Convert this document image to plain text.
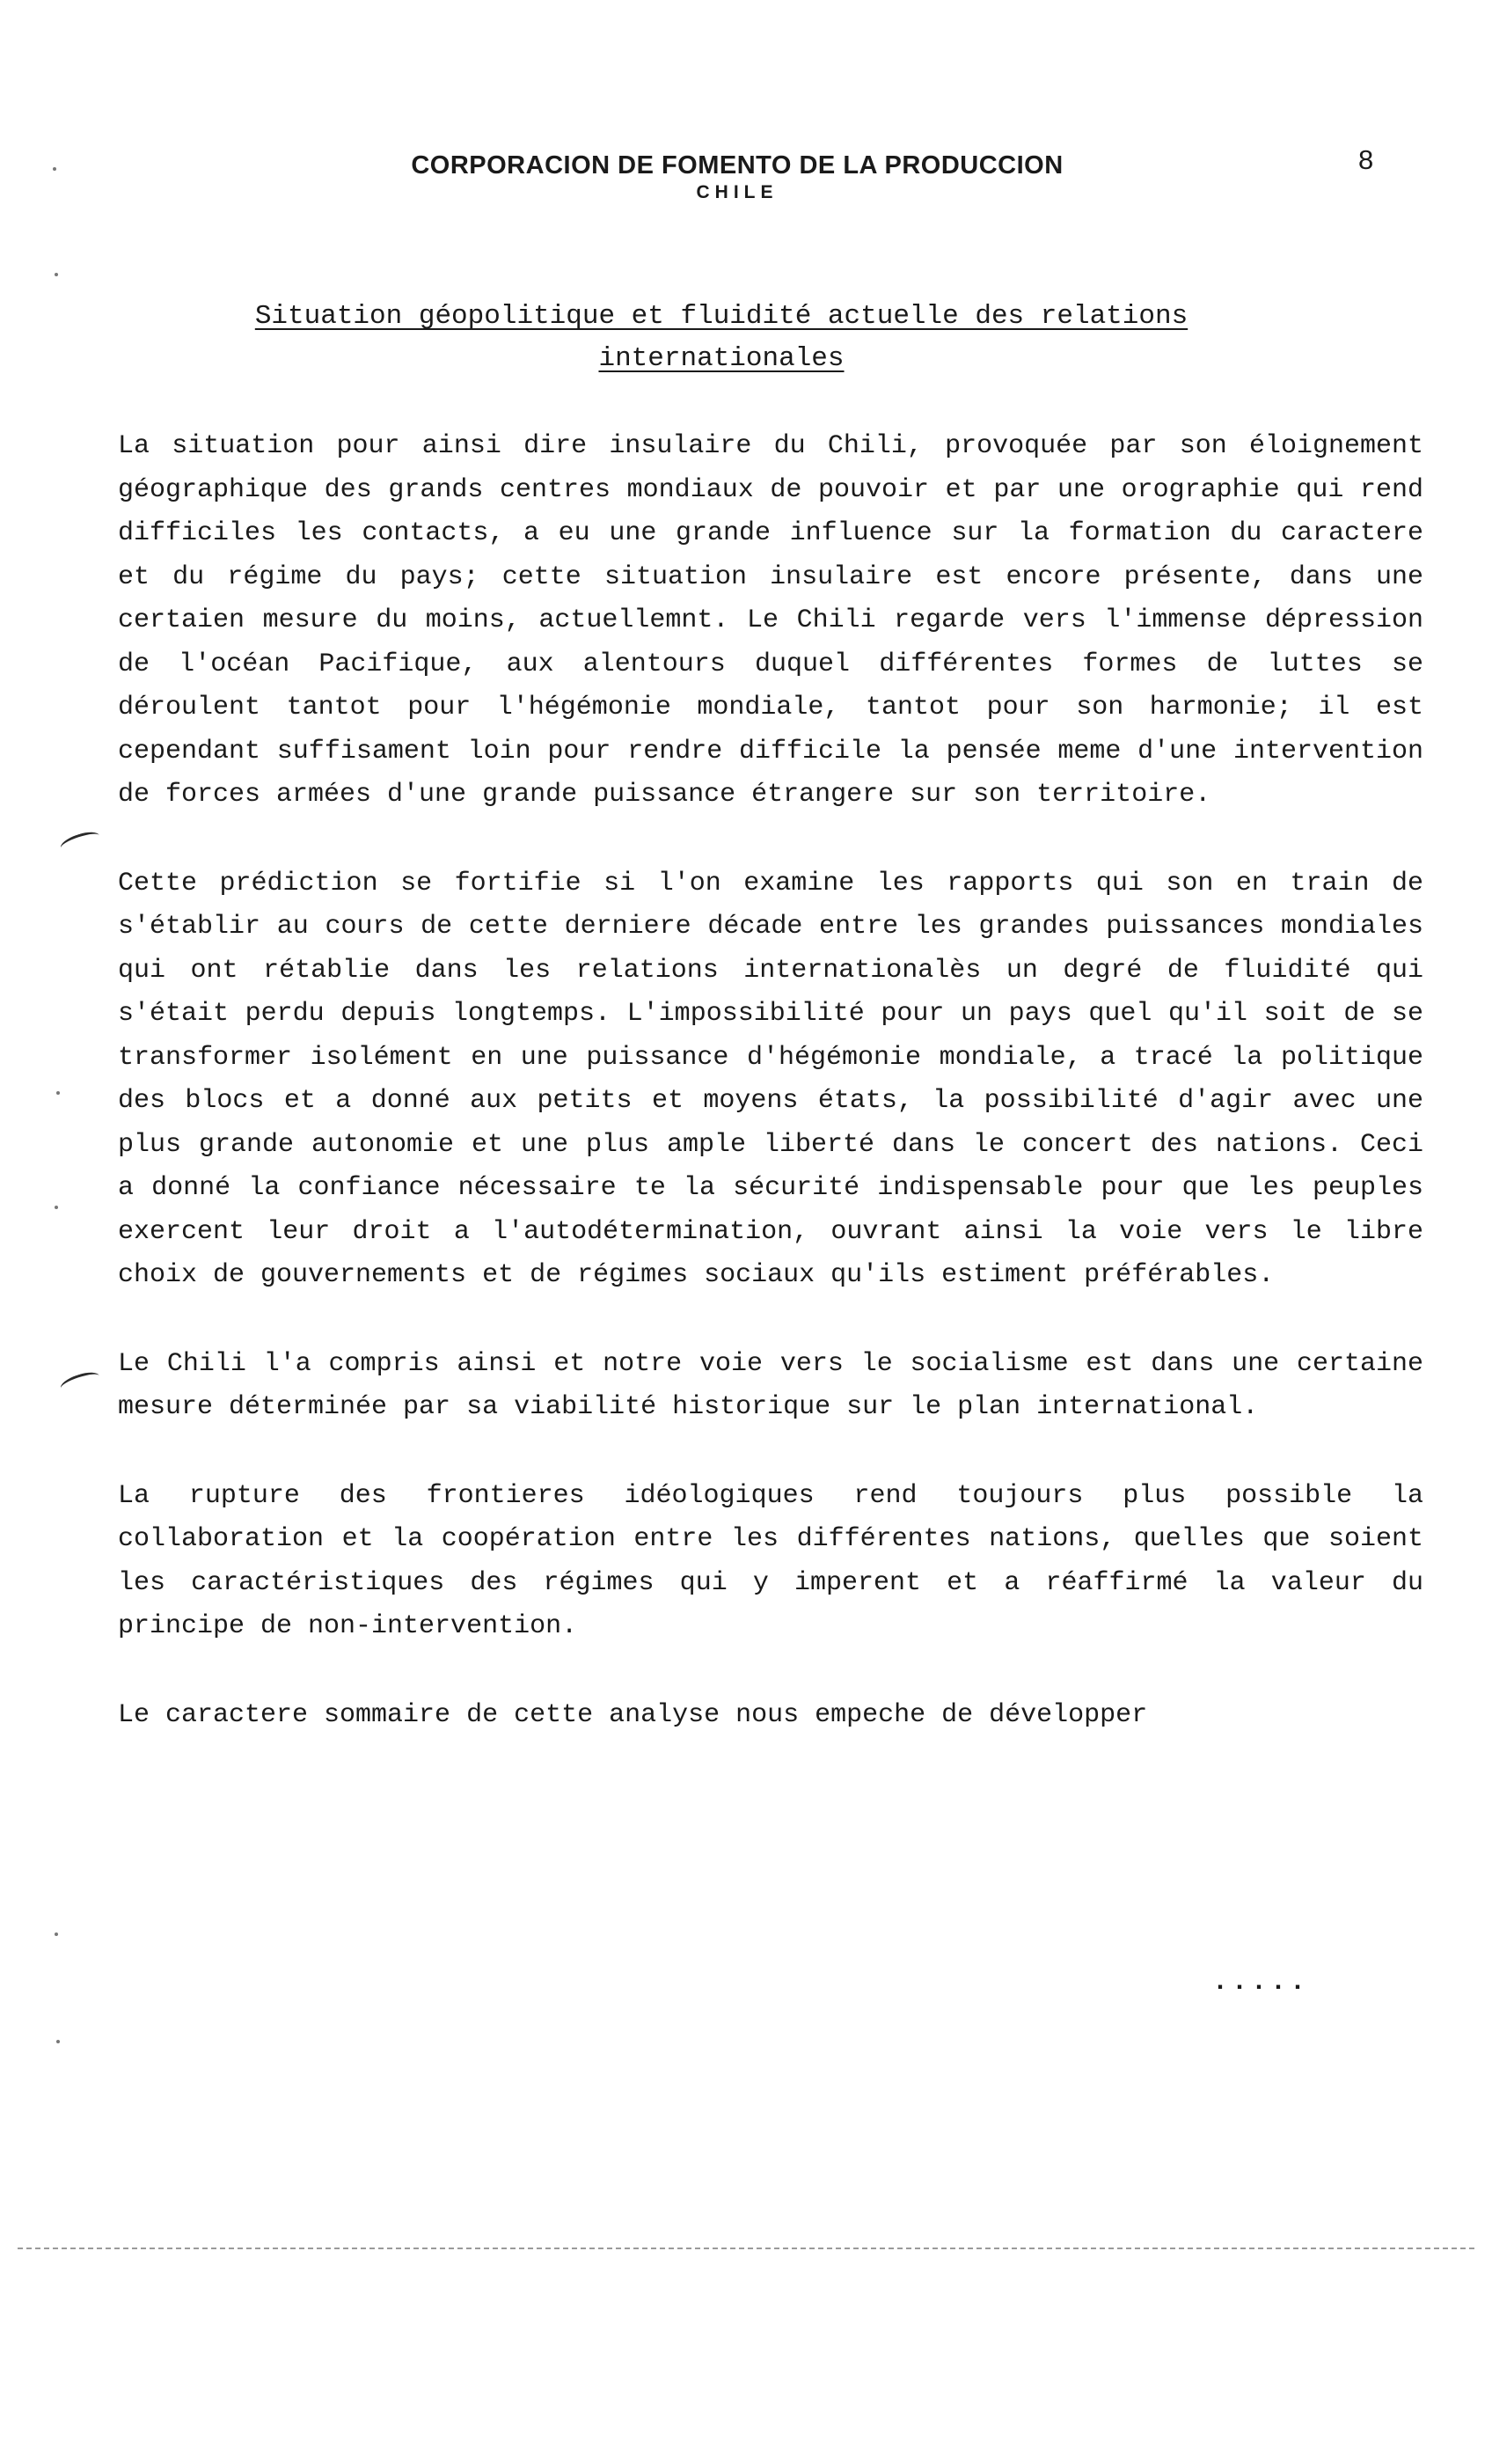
CORPORACION DE FOMENTO DE LA PRODUCCION
CHILE
8
Situation géopolitique et fluidité actuelle des relations internationales

La situation pour ainsi dire insulaire du Chili, provoquée par son éloignement géographique des grands centres mondiaux de pouvoir et par une orographie qui rend difficiles les contacts, a eu une grande influence sur la formation du caractere et du régime du pays; cette situation insulaire est encore présente, dans une certaien mesure du moins, actuellemnt. Le Chili regarde vers l'immense dépression de l'océan Pacifique, aux alentours duquel différentes formes de luttes se déroulent tantot pour l'hégémonie mondiale, tantot pour son harmonie; il est cependant suffisament loin pour rendre difficile la pensée meme d'une intervention de forces armées d'une grande puissance étrangere sur son territoire.

Cette prédiction se fortifie si l'on examine les rapports qui son en train de s'établir au cours de cette derniere décade entre les grandes puissances mondiales qui ont rétablie dans les relations internationalès un degré de fluidité qui s'était perdu depuis longtemps. L'impossibilité pour un pays quel qu'il soit de se transformer isolément en une puissance d'hégémonie mondiale, a tracé la politique des blocs et a donné aux petits et moyens états, la possibilité d'agir avec une plus grande autonomie et une plus ample liberté dans le concert des nations. Ceci a donné la confiance nécessaire te la sécurité indispensable pour que les peuples exercent leur droit a l'autodétermination, ouvrant ainsi la voie vers le libre choix de gouvernements et de régimes sociaux qu'ils estiment préférables.

Le Chili l'a compris ainsi et notre voie vers le socialisme est dans une certaine mesure déterminée par sa viabilité historique sur le plan international.

La rupture des frontieres idéologiques rend toujours plus possible la collaboration et la coopération entre les différentes nations, quelles que soient les caractéristiques des régimes qui y imperent et a réaffirmé la valeur du principe de non-intervention.

Le caractere sommaire de cette analyse nous empeche de développer

.....
